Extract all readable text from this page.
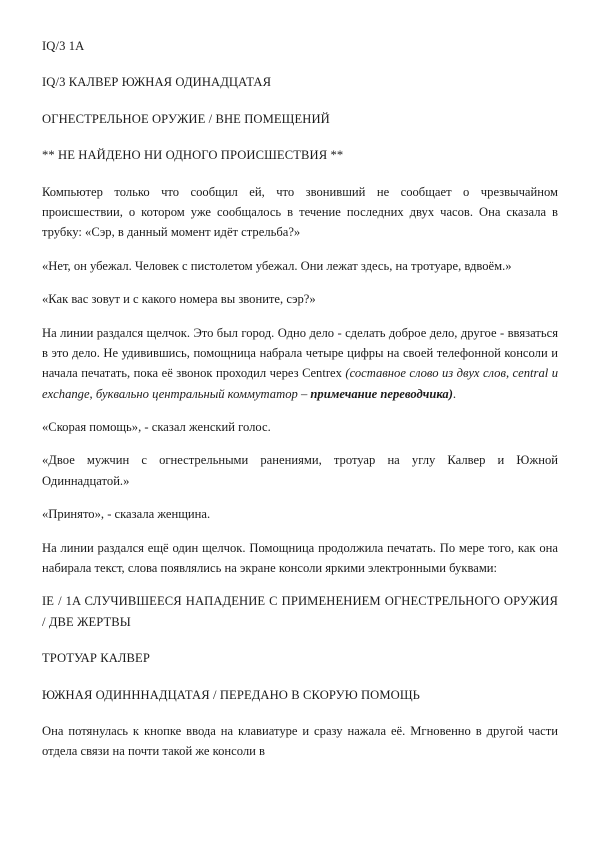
IQ/3 1A

IQ/3 КАЛВЕР ЮЖНАЯ ОДИНАДЦАТАЯ

ОГНЕСТРЕЛЬНОЕ ОРУЖИЕ / ВНЕ ПОМЕЩЕНИЙ

** НЕ НАЙДЕНО НИ ОДНОГО ПРОИСШЕСТВИЯ **

Компьютер только что сообщил ей, что звонивший не сообщает о чрезвычайном происшествии, о котором уже сообщалось в течение последних двух часов. Она сказала в трубку: «Сэр, в данный момент идёт стрельба?»

«Нет, он убежал. Человек с пистолетом убежал. Они лежат здесь, на тротуаре, вдвоём.»

«Как вас зовут и с какого номера вы звоните, сэр?»

На линии раздался щелчок. Это был город. Одно дело - сделать доброе дело, другое - ввязаться в это дело. Не удивившись, помощница набрала четыре цифры на своей телефонной консоли и начала печатать, пока её звонок проходил через Centrex (составное слово из двух слов, central и exchange, буквально центральный коммутатор – примечание переводчика).

«Скорая помощь», - сказал женский голос.

«Двое мужчин с огнестрельными ранениями, тротуар на углу Калвер и Южной Одиннадцатой.»

«Принято», - сказала женщина.

На линии раздался ещё один щелчок. Помощница продолжила печатать. По мере того, как она набирала текст, слова появлялись на экране консоли яркими электронными буквами:

IE / 1A СЛУЧИВШЕЕСЯ НАПАДЕНИЕ С ПРИМЕНЕНИЕМ ОГНЕСТРЕЛЬНОГО ОРУЖИЯ / ДВЕ ЖЕРТВЫ

ТРОТУАР КАЛВЕР

ЮЖНАЯ ОДИНННАДЦАТАЯ / ПЕРЕДАНО В СКОРУЮ ПОМОЩЬ

Она потянулась к кнопке ввода на клавиатуре и сразу нажала её. Мгновенно в другой части отдела связи на почти такой же консоли в
